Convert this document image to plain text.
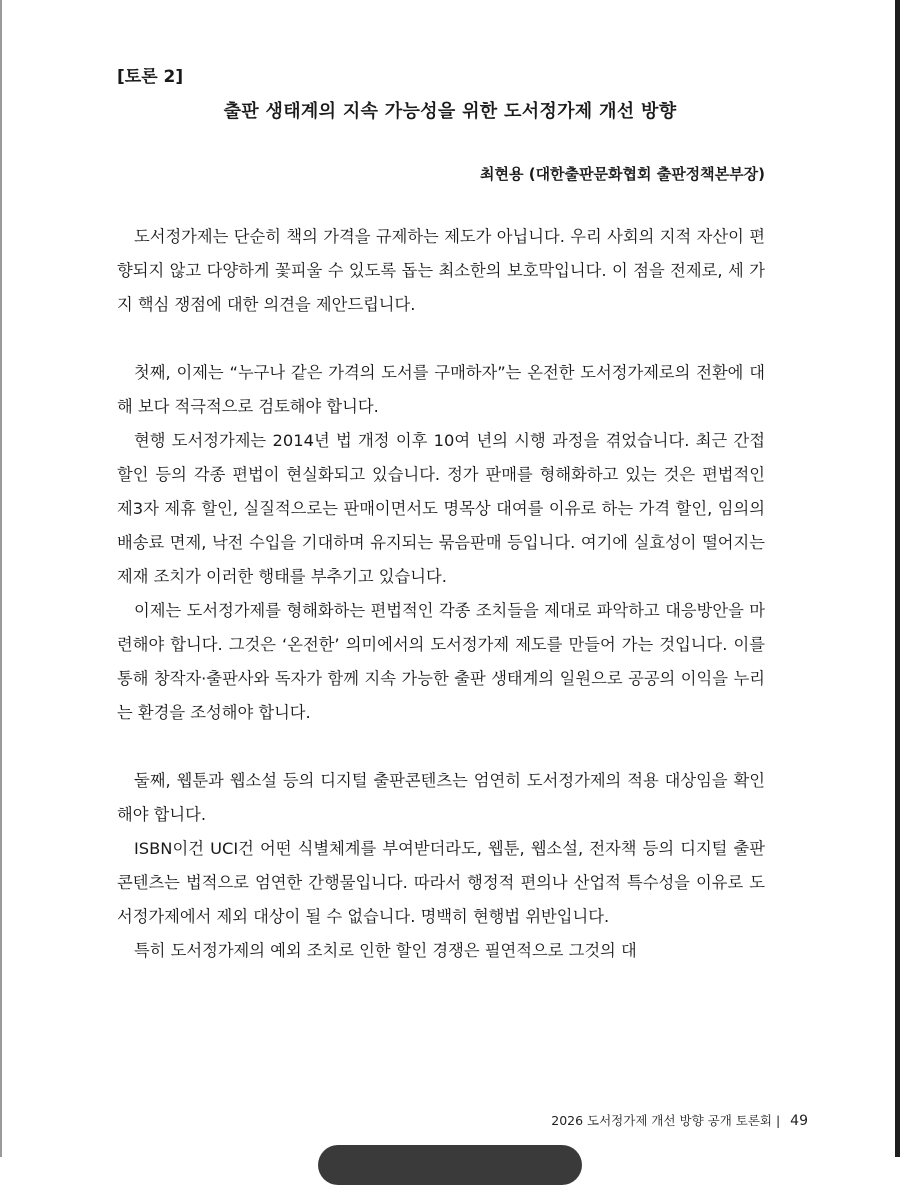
[토론 2]
출판 생태계의 지속 가능성을 위한 도서정가제 개선 방향
최현용 (대한출판문화협회 출판정책본부장)

도서정가제는 단순히 책의 가격을 규제하는 제도가 아닙니다. 우리 사회의 지적 자산이 편향되지 않고 다양하게 꽃피울 수 있도록 돕는 최소한의 보호막입니다. 이 점을 전제로, 세 가지 핵심 쟁점에 대한 의견을 제안드립니다.

첫째, 이제는 “누구나 같은 가격의 도서를 구매하자”는 온전한 도서정가제로의 전환에 대해 보다 적극적으로 검토해야 합니다.

현행 도서정가제는 2014년 법 개정 이후 10여 년의 시행 과정을 겪었습니다. 최근 간접 할인 등의 각종 편법이 현실화되고 있습니다. 정가 판매를 형해화하고 있는 것은 편법적인 제3자 제휴 할인, 실질적으로는 판매이면서도 명목상 대여를 이유로 하는 가격 할인, 임의의 배송료 면제, 낙전 수입을 기대하며 유지되는 묶음판매 등입니다. 여기에 실효성이 떨어지는 제재 조치가 이러한 행태를 부추기고 있습니다.

이제는 도서정가제를 형해화하는 편법적인 각종 조치들을 제대로 파악하고 대응방안을 마련해야 합니다. 그것은 ‘온전한’ 의미에서의 도서정가제 제도를 만들어 가는 것입니다. 이를 통해 창작자·출판사와 독자가 함께 지속 가능한 출판 생태계의 일원으로 공공의 이익을 누리는 환경을 조성해야 합니다.

둘째, 웹툰과 웹소설 등의 디지털 출판콘텐츠는 엄연히 도서정가제의 적용 대상임을 확인해야 합니다.

ISBN이건 UCI건 어떤 식별체계를 부여받더라도, 웹툰, 웹소설, 전자책 등의 디지털 출판 콘텐츠는 법적으로 엄연한 간행물입니다. 따라서 행정적 편의나 산업적 특수성을 이유로 도서정가제에서 제외 대상이 될 수 없습니다. 명백히 현행법 위반입니다.

특히 도서정가제의 예외 조치로 인한 할인 경쟁은 필연적으로 그것의 대

2026 도서정가제 개선 방향 공개 토론회 | 49
